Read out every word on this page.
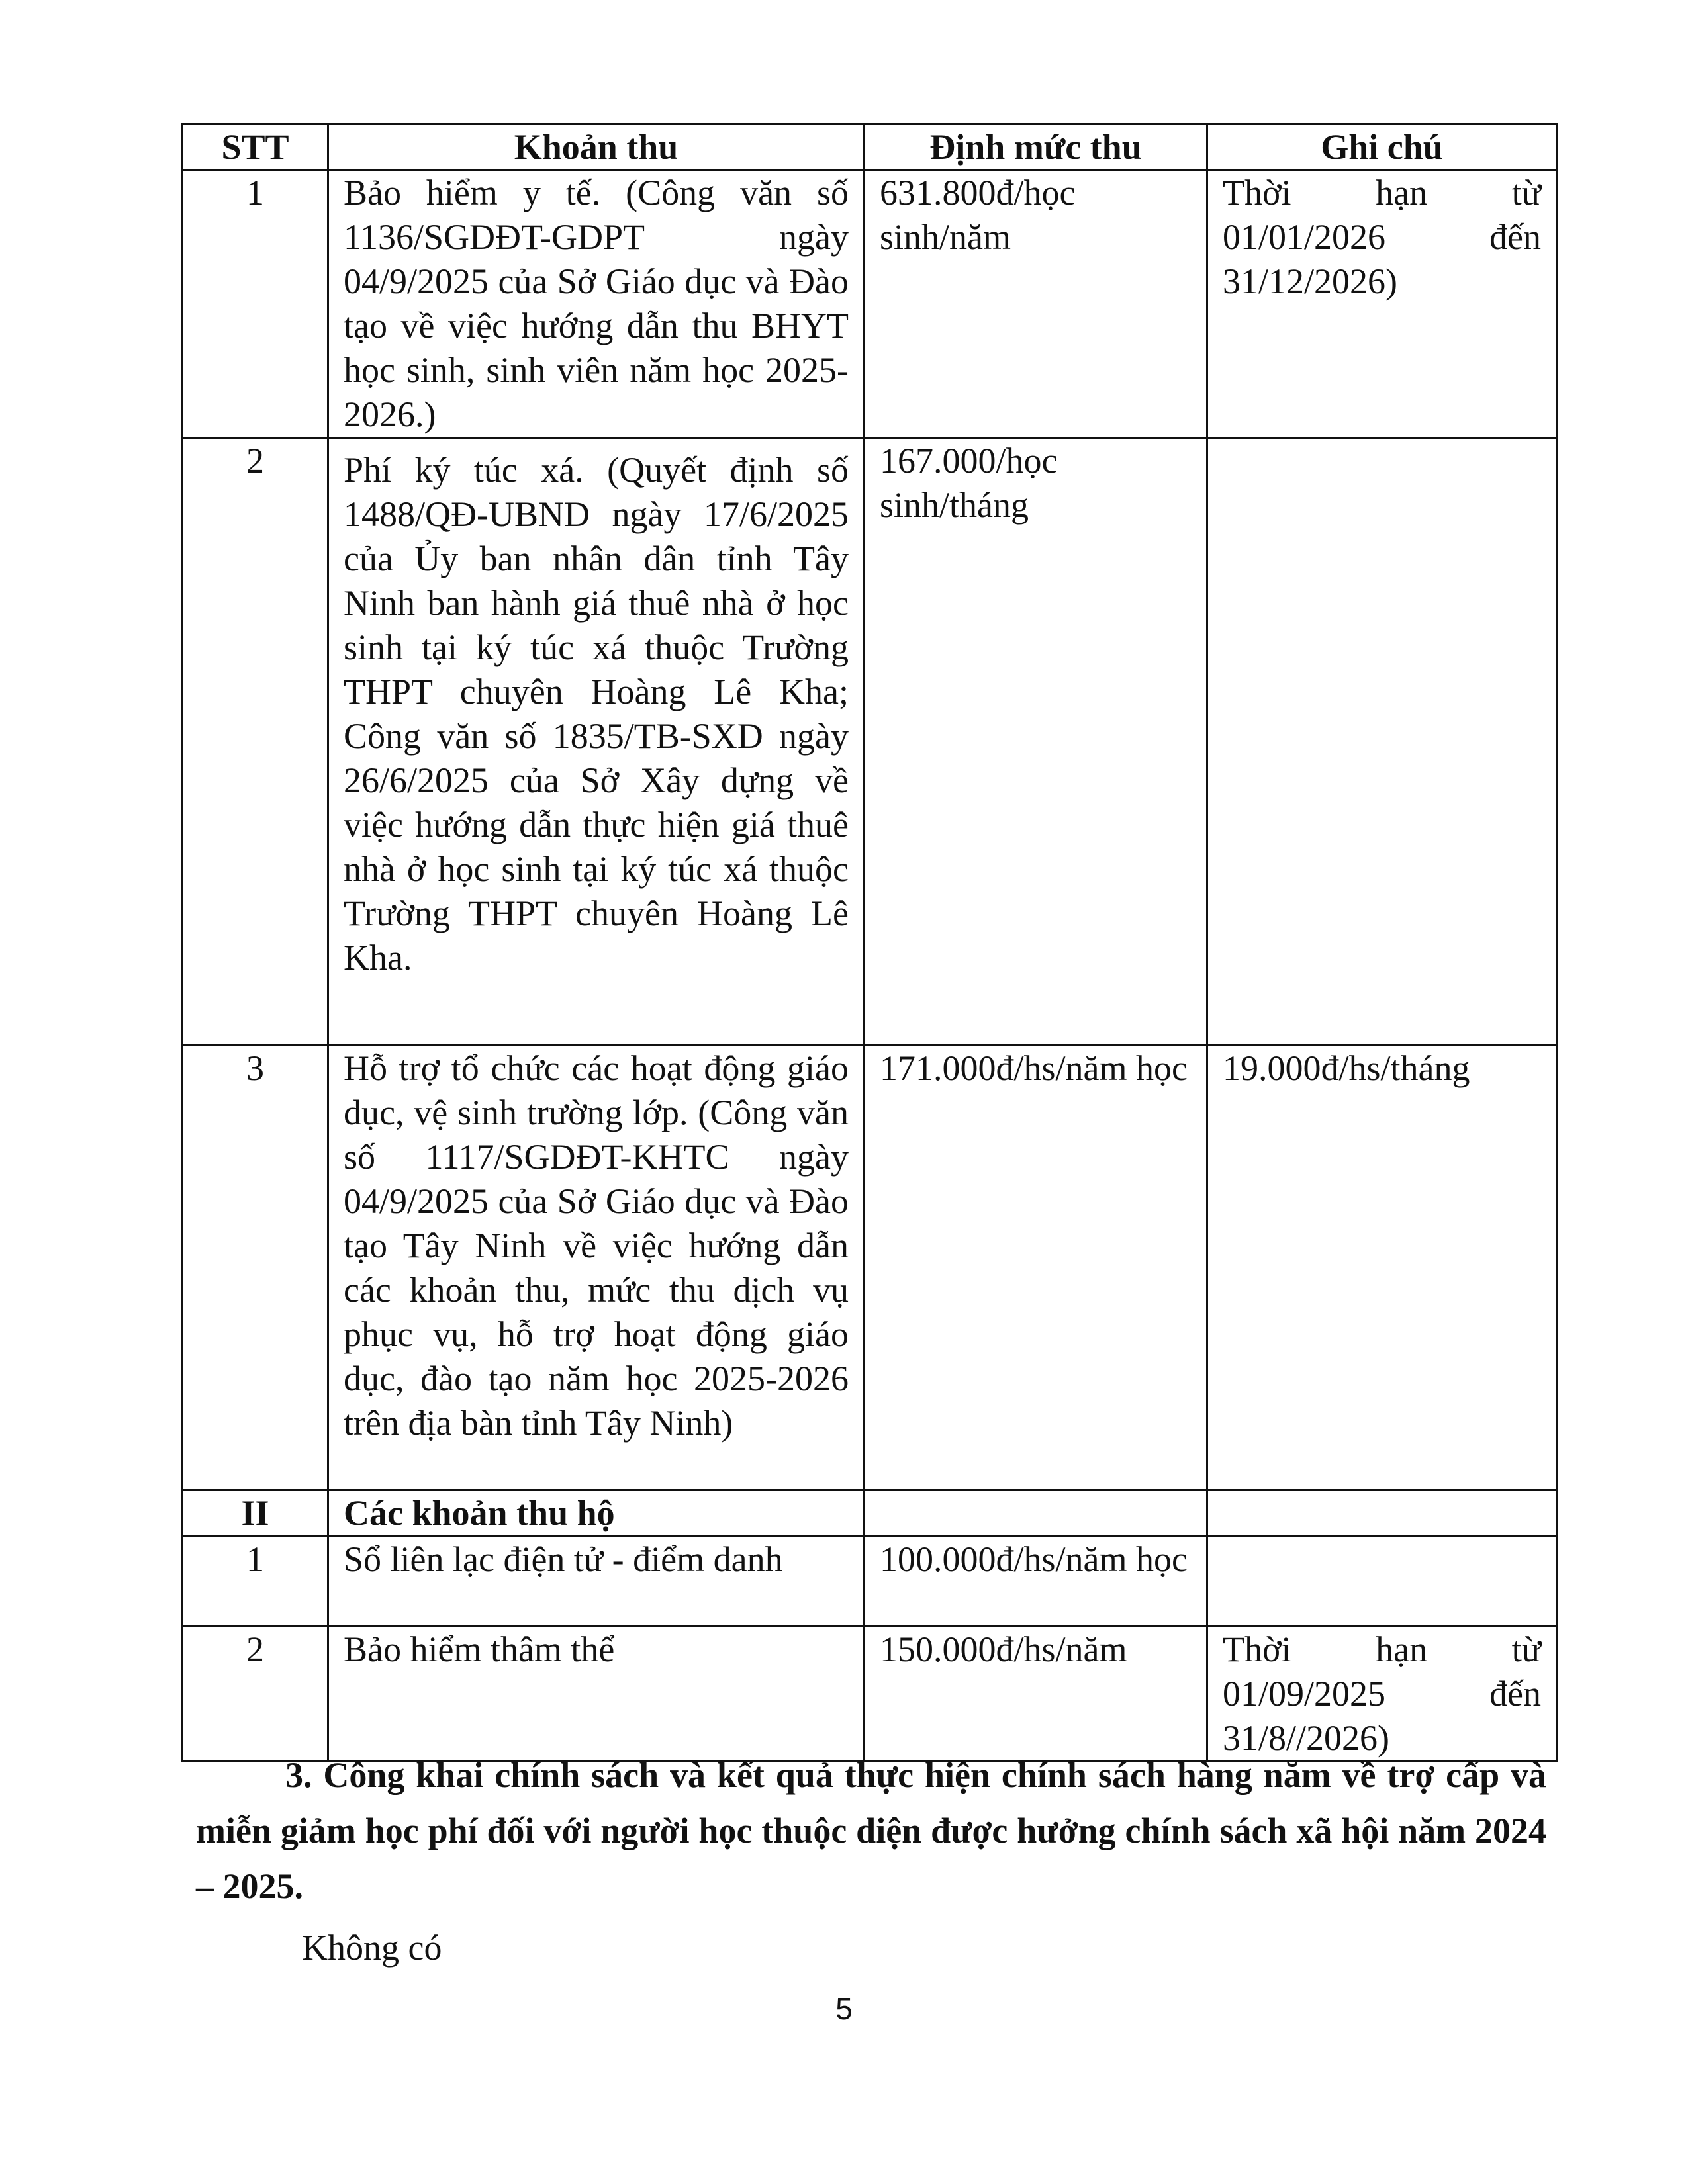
STT	Khoản thu	Định mức thu	Ghi chú
1	Bảo hiểm y tế. (Công văn số 1136/SGDĐT-GDPT ngày 04/9/2025 của Sở Giáo dục và Đào tạo về việc hướng dẫn thu BHYT học sinh, sinh viên năm học 2025-2026.)	631.800đ/học sinh/năm	Thời hạn từ 01/01/2026 đến 31/12/2026)

2	Phí ký túc xá. (Quyết định số 1488/QĐ-UBND ngày 17/6/2025 của Ủy ban nhân dân tỉnh Tây Ninh ban hành giá thuê nhà ở học sinh tại ký túc xá thuộc Trường THPT chuyên Hoàng Lê Kha; Công văn số 1835/TB-SXD ngày 26/6/2025 của Sở Xây dựng về việc hướng dẫn thực hiện giá thuê nhà ở học sinh tại ký túc xá thuộc Trường THPT chuyên Hoàng Lê Kha.	167.000/học sinh/tháng	
3	Hỗ trợ tổ chức các hoạt động giáo dục, vệ sinh trường lớp. (Công văn số 1117/SGDĐT-KHTC ngày 04/9/2025 của Sở Giáo dục và Đào tạo Tây Ninh về việc hướng dẫn các khoản thu, mức thu dịch vụ phục vụ, hỗ trợ hoạt động giáo dục, đào tạo năm học 2025-2026 trên địa bàn tỉnh Tây Ninh)	171.000đ/hs/năm học	19.000đ/hs/tháng
II	Các khoản thu hộ		
1	Sổ liên lạc điện tử - điểm danh	100.000đ/hs/năm học	
2	Bảo hiểm thâm thể	150.000đ/hs/năm	Thời hạn từ 01/09/2025 đến 31/8//2026)
3. Công khai chính sách và kết quả thực hiện chính sách hàng năm về trợ cấp và miễn giảm học phí đối với người học thuộc diện được hưởng chính sách xã hội năm 2024 – 2025.
Không có
5
